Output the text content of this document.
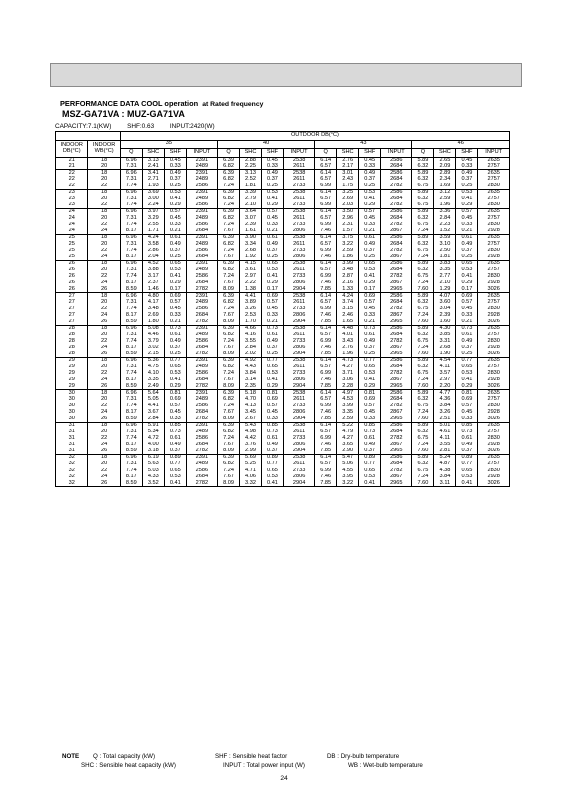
PERFORMANCE DATA COOL operation at Rated frequency
MSZ-GA71VA : MUZ-GA71VA
CAPACITY:7.1(KW) SHF:0.63 INPUT:2420(W)
		OUTDOOR DB(°C)															
INDOOR DB(°C)	INDOOR WB(°C)	35				40				43				46			
		Q	SHC	SHF	INPUT	Q	SHC	SHF	INPUT	Q	SHC	SHF	INPUT	Q	SHC	SHF	INPUT
21	18	6.96	3.13	0.45	2391	6.39	2.88	0.45	2538	6.14	2.76	0.45	2586	5.89	2.65	0.45	2635
21	20	7.31	2.41	0.33	2489	6.82	2.25	0.33	2611	6.57	2.17	0.33	2684	6.32	2.09	0.33	2757
22	18	6.96	3.41	0.49	2391	6.39	3.13	0.49	2538	6.14	3.01	0.49	2586	5.89	2.89	0.49	2635
22	20	7.31	2.71	0.37	2489	6.82	2.52	0.37	2611	6.57	2.43	0.37	2684	6.32	2.34	0.37	2757
22	22	7.74	1.93	0.25	2586	7.24	1.81	0.25	2733	6.99	1.75	0.25	2782	6.75	1.69	0.25	2830
23	18	6.96	3.69	0.53	2391	6.39	3.39	0.53	2538	6.14	3.25	0.53	2586	5.89	3.12	0.53	2635
23	20	7.31	3.00	0.41	2489	6.82	2.79	0.41	2611	6.57	2.69	0.41	2684	6.32	2.59	0.41	2757
23	22	7.74	2.24	0.29	2586	7.24	2.10	0.29	2733	6.99	2.03	0.29	2782	6.75	1.96	0.29	2830
24	18	6.96	3.97	0.57	2391	6.39	3.64	0.57	2538	6.14	3.50	0.57	2586	5.89	3.36	0.57	2635
24	20	7.31	3.29	0.45	2489	6.82	3.07	0.45	2611	6.57	2.96	0.45	2684	6.32	2.84	0.45	2757
24	22	7.74	2.55	0.33	2586	7.24	2.39	0.33	2733	6.99	2.31	0.33	2782	6.75	2.23	0.33	2830
24	24	8.17	1.71	0.21	2684	7.67	1.61	0.21	2806	7.46	1.57	0.21	2867	7.24	1.52	0.21	2928
25	18	6.96	4.24	0.61	2391	6.39	3.90	0.61	2538	6.14	3.75	0.61	2586	5.89	3.59	0.61	2635
25	20	7.31	3.58	0.49	2489	6.82	3.34	0.49	2611	6.57	3.22	0.49	2684	6.32	3.10	0.49	2757
25	22	7.74	2.86	0.37	2586	7.24	2.68	0.37	2733	6.99	2.59	0.37	2782	6.75	2.50	0.37	2830
25	24	8.17	2.04	0.25	2684	7.67	1.92	0.25	2806	7.46	1.86	0.25	2867	7.24	1.81	0.25	2928
26	18	6.96	4.52	0.65	2391	6.39	4.15	0.65	2538	6.14	3.99	0.65	2586	5.89	3.83	0.65	2635
26	20	7.31	3.88	0.53	2489	6.82	3.61	0.53	2611	6.57	3.48	0.53	2684	6.32	3.35	0.53	2757
26	22	7.74	3.17	0.41	2586	7.24	2.97	0.41	2733	6.99	2.87	0.41	2782	6.75	2.77	0.41	2830
26	24	8.17	2.37	0.29	2684	7.67	2.22	0.29	2806	7.46	2.16	0.29	2867	7.24	2.10	0.29	2928
26	26	8.59	1.46	0.17	2782	8.09	1.38	0.17	2904	7.85	1.33	0.17	2965	7.60	1.29	0.17	3026
27	18	6.96	4.80	0.69	2391	6.39	4.41	0.69	2538	6.14	4.24	0.69	2586	5.89	4.07	0.69	2635
27	20	7.31	4.17	0.57	2489	6.82	3.89	0.57	2611	6.57	3.74	0.57	2684	6.32	3.60	0.57	2757
27	22	7.74	3.48	0.45	2586	7.24	3.26	0.45	2733	6.99	3.15	0.45	2782	6.75	3.04	0.45	2830
27	24	8.17	2.69	0.33	2684	7.67	2.53	0.33	2806	7.46	2.46	0.33	2867	7.24	2.39	0.33	2928
27	26	8.59	1.80	0.21	2782	8.09	1.70	0.21	2904	7.85	1.65	0.21	2965	7.60	1.60	0.21	3026
28	18	6.96	5.08	0.73	2391	6.39	4.66	0.73	2538	6.14	4.48	0.73	2586	5.89	4.30	0.73	2635
28	20	7.31	4.46	0.61	2489	6.82	4.16	0.61	2611	6.57	4.01	0.61	2684	6.32	3.85	0.61	2757
28	22	7.74	3.79	0.49	2586	7.24	3.55	0.49	2733	6.99	3.43	0.49	2782	6.75	3.31	0.49	2830
28	24	8.17	3.02	0.37	2684	7.67	2.84	0.37	2806	7.46	2.76	0.37	2867	7.24	2.68	0.37	2928
28	26	8.59	2.15	0.25	2782	8.09	2.02	0.25	2904	7.85	1.96	0.25	2965	7.60	1.90	0.25	3026
29	18	6.96	5.36	0.77	2391	6.39	4.92	0.77	2538	6.14	4.73	0.77	2586	5.89	4.54	0.77	2635
29	20	7.31	4.75	0.65	2489	6.82	4.43	0.65	2611	6.57	4.27	0.65	2684	6.32	4.11	0.65	2757
29	22	7.74	4.10	0.53	2586	7.24	3.84	0.53	2733	6.99	3.71	0.53	2782	6.75	3.57	0.53	2830
29	24	8.17	3.35	0.41	2684	7.67	3.14	0.41	2806	7.46	3.06	0.41	2867	7.24	2.97	0.41	2928
29	26	8.59	2.49	0.29	2782	8.09	2.35	0.29	2904	7.85	2.28	0.29	2965	7.60	2.20	0.29	3026
30	18	6.96	5.64	0.81	2391	6.39	5.18	0.81	2538	6.14	4.97	0.81	2586	5.89	4.77	0.81	2635
30	20	7.31	5.05	0.69	2489	6.82	4.70	0.69	2611	6.57	4.53	0.69	2684	6.32	4.36	0.69	2757
30	22	7.74	4.41	0.57	2586	7.24	4.13	0.57	2733	6.99	3.99	0.57	2782	6.75	3.84	0.57	2830
30	24	8.17	3.67	0.45	2684	7.67	3.45	0.45	2806	7.46	3.35	0.45	2867	7.24	3.26	0.45	2928
30	26	8.59	2.84	0.33	2782	8.09	2.67	0.33	2904	7.85	2.59	0.33	2965	7.60	2.51	0.33	3026
31	18	6.96	5.91	0.85	2391	6.39	5.43	0.85	2538	6.14	5.22	0.85	2586	5.89	5.01	0.85	2635
31	20	7.31	5.34	0.73	2489	6.82	4.98	0.73	2611	6.57	4.79	0.73	2684	6.32	4.61	0.73	2757
31	22	7.74	4.72	0.61	2586	7.24	4.42	0.61	2733	6.99	4.27	0.61	2782	6.75	4.11	0.61	2830
31	24	8.17	4.00	0.49	2684	7.67	3.76	0.49	2806	7.46	3.65	0.49	2867	7.24	3.55	0.49	2928
31	26	8.59	3.18	0.37	2782	8.09	2.99	0.37	2904	7.85	2.90	0.37	2965	7.60	2.81	0.37	3026
32	18	6.96	6.19	0.89	2391	6.39	5.69	0.89	2538	6.14	5.47	0.89	2586	5.89	5.24	0.89	2635
32	20	7.31	5.63	0.77	2489	6.82	5.25	0.77	2611	6.57	5.06	0.77	2684	6.32	4.87	0.77	2757
32	22	7.74	5.03	0.65	2586	7.24	4.71	0.65	2733	6.99	4.55	0.65	2782	6.75	4.38	0.65	2830
32	24	8.17	4.33	0.53	2684	7.67	4.06	0.53	2806	7.46	3.95	0.53	2867	7.24	3.84	0.53	2928
32	26	8.59	3.52	0.41	2782	8.09	3.32	0.41	2904	7.85	3.22	0.41	2965	7.60	3.11	0.41	3026
NOTE Q : Total capacity (kW)	SHF : Sensible heat factor	DB : Dry-bulb temperature
SHC : Sensible heat capacity (kW)	INPUT : Total power input (W)	WB : Wet-bulb temperature
24
